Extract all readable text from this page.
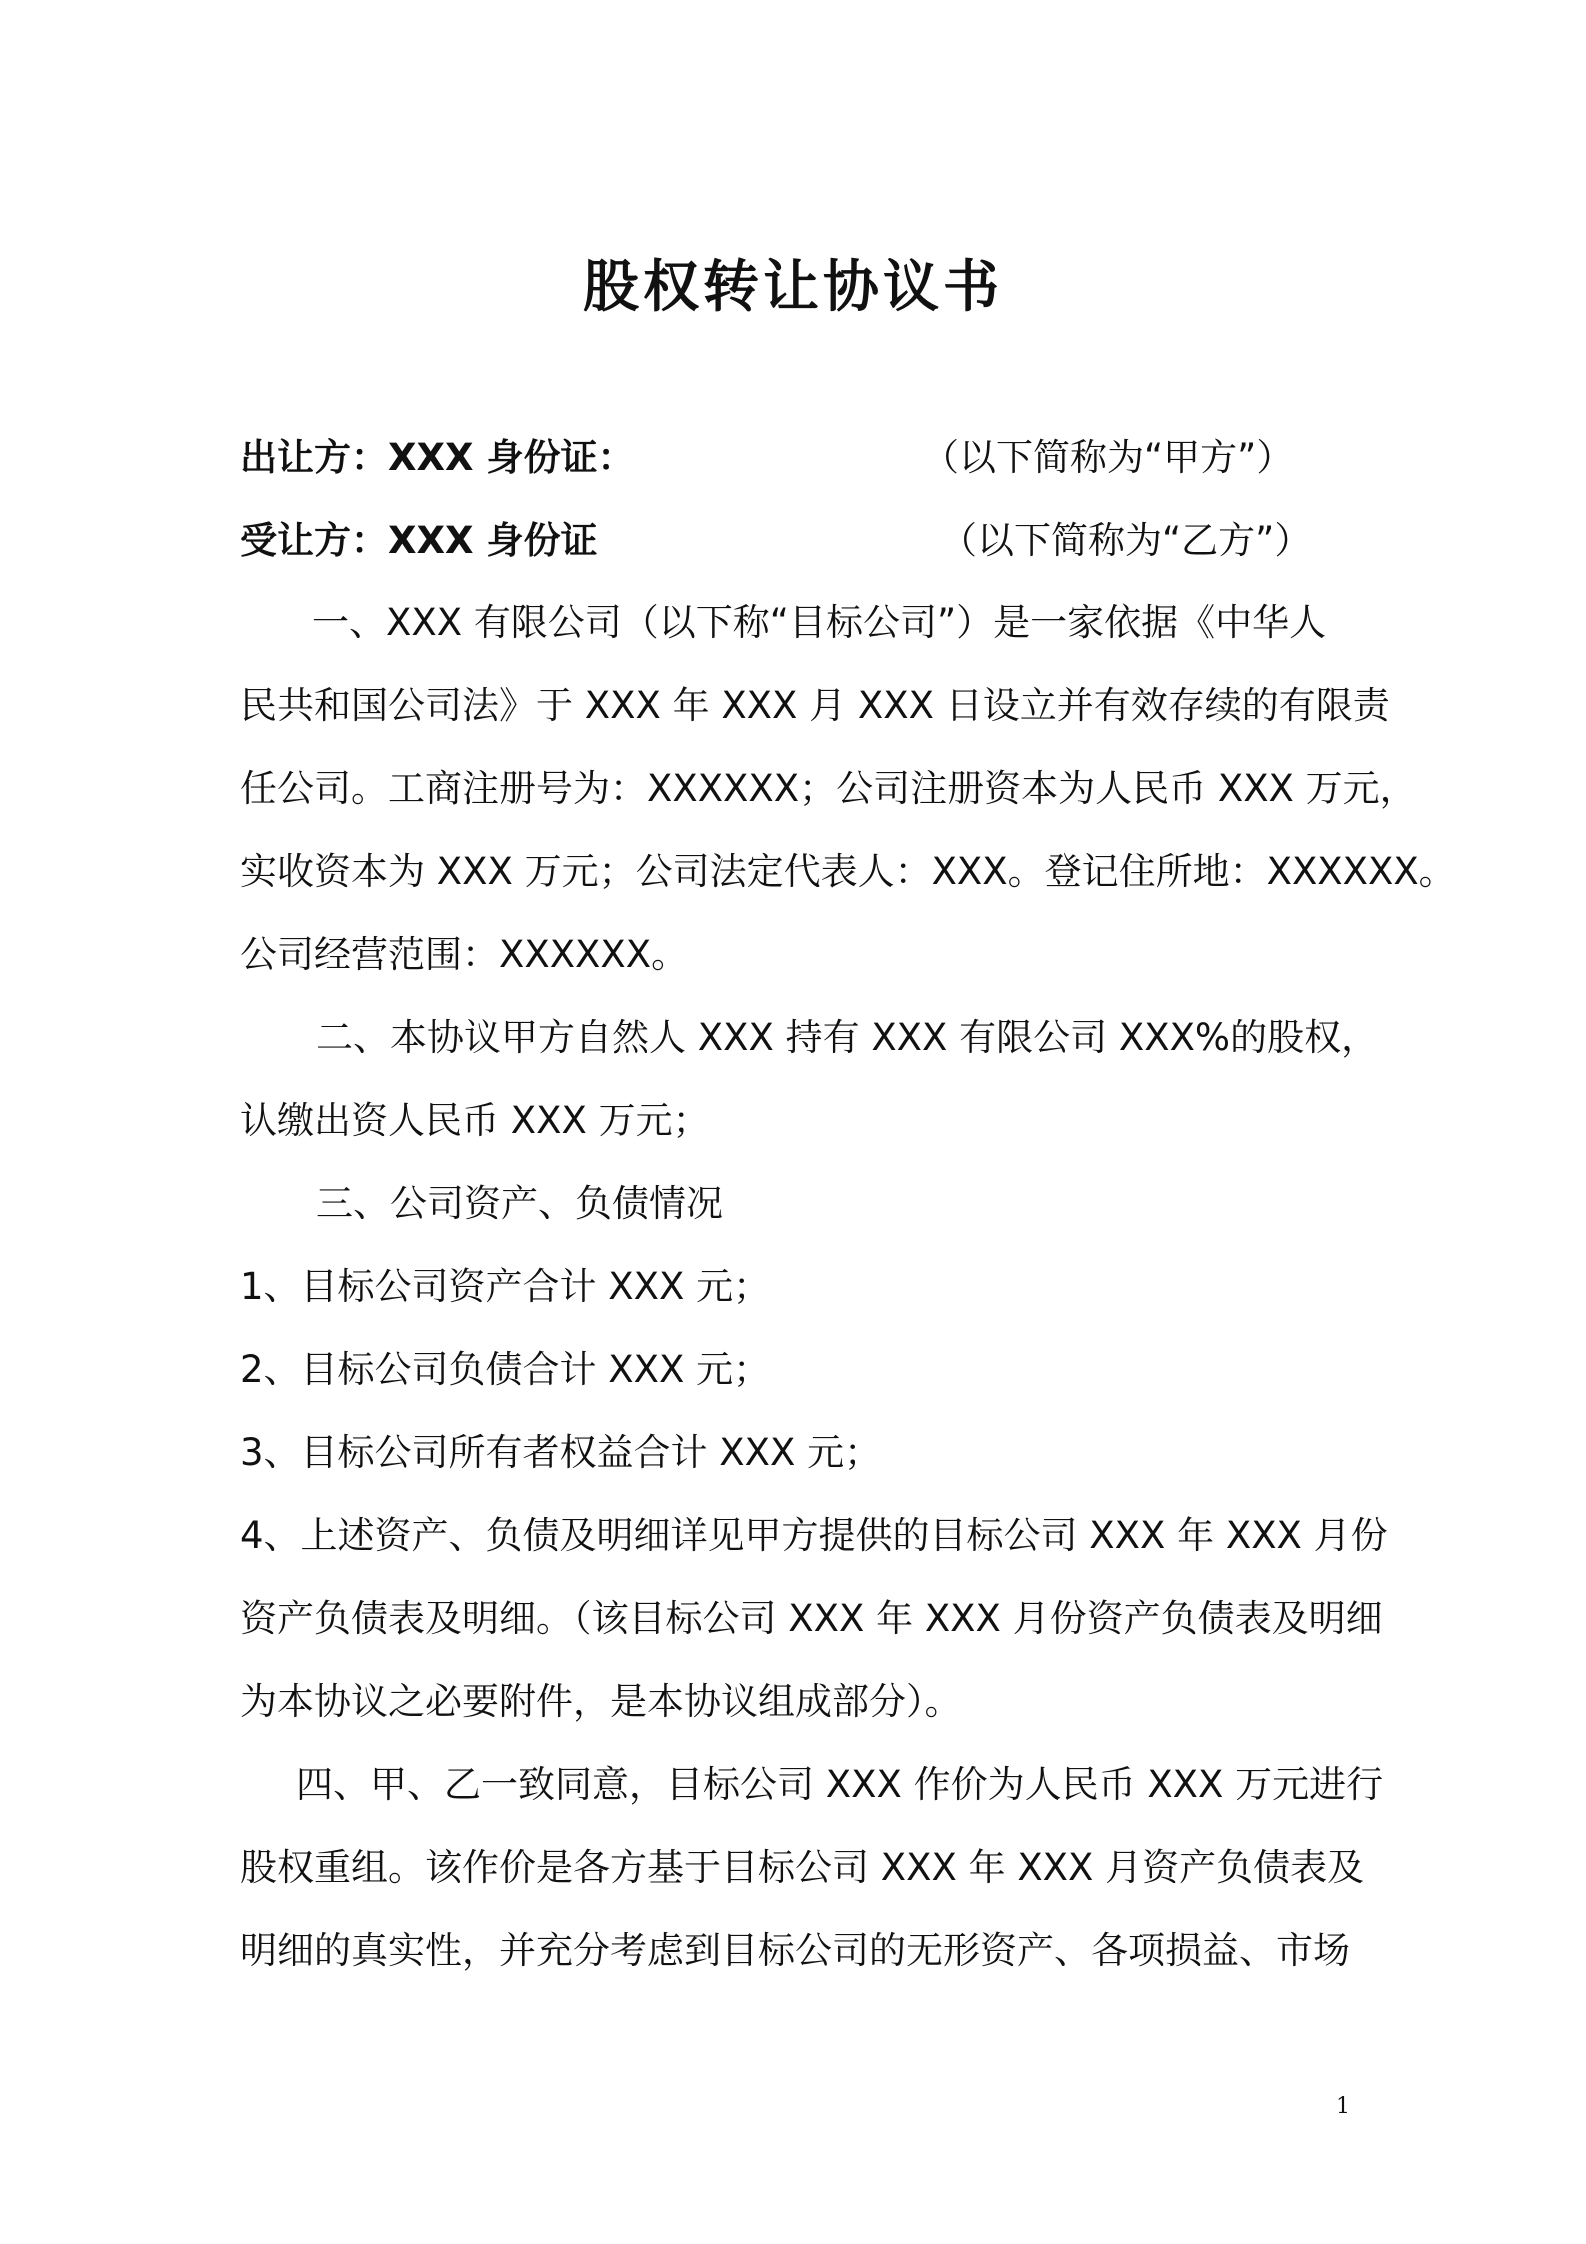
股权转让协议书
出让方：XXX 身份证：	（以下简称为“甲方”）
受让方：XXX 身份证	（以下简称为“乙方”）
一、XXX 有限公司（以下称“目标公司”）是一家依据《中华人
民共和国公司法》于 XXX 年 XXX 月 XXX 日设立并有效存续的有限责
任公司。工商注册号为：XXXXXX；公司注册资本为人民币 XXX 万元，
实收资本为 XXX 万元；公司法定代表人：XXX。登记住所地：XXXXXX。
公司经营范围：XXXXXX。
二、本协议甲方自然人 XXX 持有 XXX 有限公司 XXX%的股权，
认缴出资人民币 XXX 万元；
三、公司资产、负债情况
1、目标公司资产合计 XXX 元；
2、目标公司负债合计 XXX 元；
3、目标公司所有者权益合计 XXX 元；
4、上述资产、负债及明细详见甲方提供的目标公司 XXX 年 XXX 月份
资产负债表及明细。（该目标公司 XXX 年 XXX 月份资产负债表及明细
为本协议之必要附件，是本协议组成部分）。
四、甲、乙一致同意，目标公司 XXX 作价为人民币 XXX 万元进行
股权重组。该作价是各方基于目标公司 XXX 年 XXX 月资产负债表及
明细的真实性，并充分考虑到目标公司的无形资产、各项损益、市场
1
